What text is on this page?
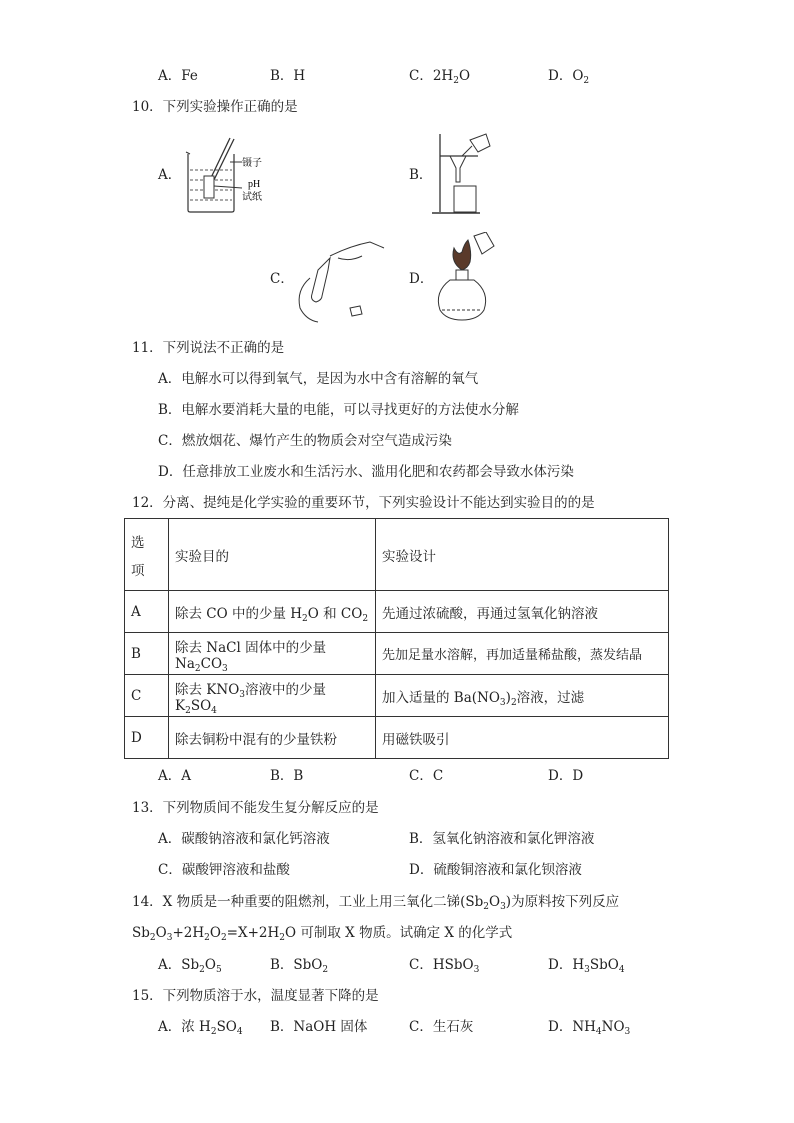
A．Fe	B．H	C．$2H_2O$	D．$O_2$
10．下列实验操作正确的是
A．
镊子
pH
试纸
B．
C．	D．
11．下列说法不正确的是
A．电解水可以得到氧气，是因为水中含有溶解的氧气
B．电解水要消耗大量的电能，可以寻找更好的方法使水分解
C．燃放烟花、爆竹产生的物质会对空气造成污染
D．任意排放工业废水和生活污水、滥用化肥和农药都会导致水体污染
12．分离、提纯是化学实验的重要环节，下列实验设计不能达到实验目的的是
选
项	实验目的	实验设计
A	除去 CO 中的少量 $H_2O$ 和 $CO_2$	先通过浓硫酸，再通过氢氧化钠溶液
B	除去 NaCl 固体中的少量 $Na_2CO_3$	先加足量水溶解，再加适量稀盐酸，蒸发结晶
C	除去 $KNO_3$溶液中的少量 $K_2SO_4$	加入适量的 $Ba(NO_3)_2$溶液，过滤
D	除去铜粉中混有的少量铁粉	用磁铁吸引
A．A	B．B	C．C	D．D
13．下列物质间不能发生复分解反应的是
A．碳酸钠溶液和氯化钙溶液	B．氢氧化钠溶液和氯化钾溶液
C．碳酸钾溶液和盐酸	D．硫酸铜溶液和氯化钡溶液
14．X 物质是一种重要的阻燃剂，工业上用三氧化二锑$(Sb_2O_3)$为原料按下列反应
$Sb_2O_3+2H_2O_2=X+2H_2O$ 可制取 X 物质。试确定 X 的化学式
A．$Sb_2O_5$	B．SbO$_2$	C．HSbO$_3$	D．$H_3SbO_4$
15．下列物质溶于水，温度显著下降的是
A．浓 $H_2SO_4$ B．NaOH 固体	C．生石灰	D．$NH_4NO_3$
